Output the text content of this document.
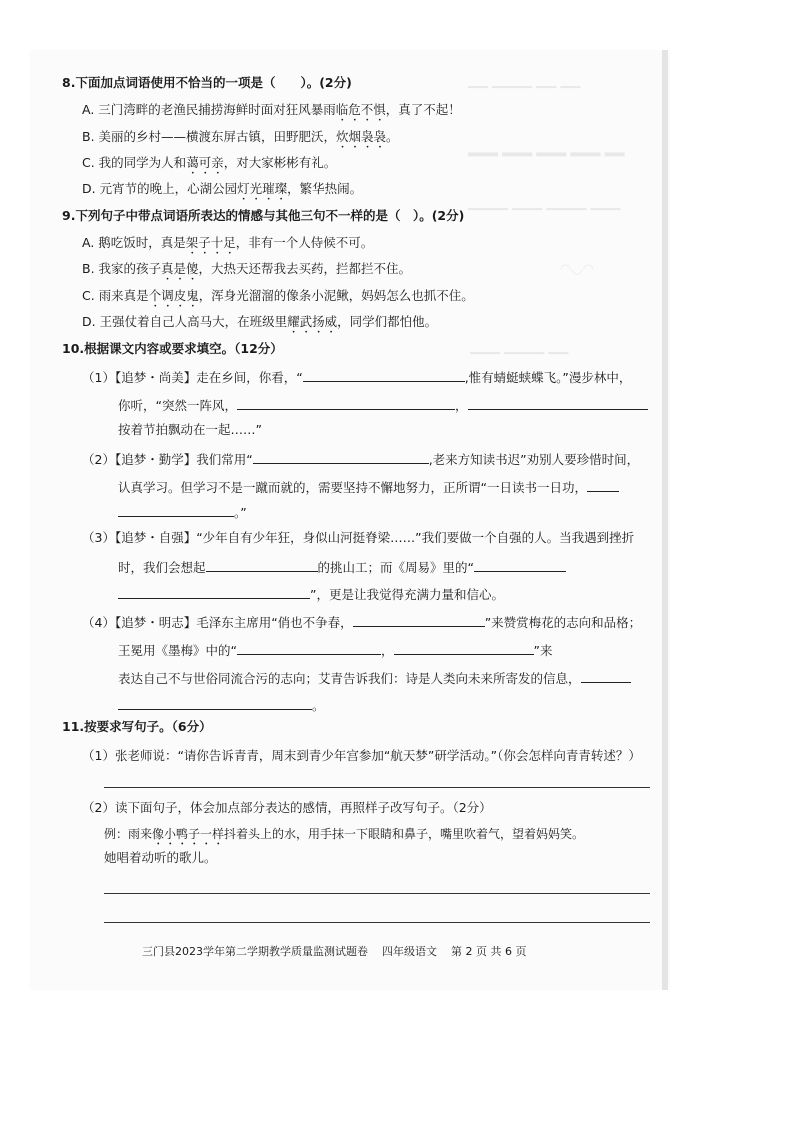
▁▁ ▁▁▁▁ ▁▁ ▁▁
▂▂▂ ▂▂▂ ▂▂▂ ▂▂▂ ▂▂
▁▁▁▁ ▁▁▁ ▁▁▁▁ ▁▁▁
◠◡◠
▁▁▁ ▁▁▁▁ ▁▁
8.下面加点词语使用不恰当的一项是（　　）。(2分)
A. 三门湾畔的老渔民捕捞海鲜时面对狂风暴雨临危不惧，真了不起！
B. 美丽的乡村——横渡东屏古镇，田野肥沃，炊烟袅袅。
C. 我的同学为人和蔼可亲，对大家彬彬有礼。
D. 元宵节的晚上，心湖公园灯光璀璨，繁华热闹。
9.下列句子中带点词语所表达的情感与其他三句不一样的是（　）。(2分)
A. 鹅吃饭时，真是架子十足，非有一个人侍候不可。
B. 我家的孩子真是傻，大热天还帮我去买药，拦都拦不住。
C. 雨来真是个调皮鬼，浑身光溜溜的像条小泥鳅，妈妈怎么也抓不住。
D. 王强仗着自己人高马大，在班级里耀武扬威，同学们都怕他。
10.根据课文内容或要求填空。（12分）
（1）【追梦・尚美】走在乡间，你看，“	,惟有蜻蜓蛱蝶飞。”漫步林中，
你听，“突然一阵风，	，
按着节拍飘动在一起……”
（2）【追梦・勤学】我们常用“	,老来方知读书迟”劝别人要珍惜时间，
认真学习。但学习不是一蹴而就的，需要坚持不懈地努力，正所谓“一日读书一日功，
。”
（3）【追梦・自强】“少年自有少年狂，身似山河挺脊梁……”我们要做一个自强的人。当我遇到挫折
时，我们会想起	的挑山工；而《周易》里的“
”，更是让我觉得充满力量和信心。
（4）【追梦・明志】毛泽东主席用“俏也不争春，	”来赞赏梅花的志向和品格；
王冕用《墨梅》中的“	，	”来
表达自己不与世俗同流合污的志向；艾青告诉我们：诗是人类向未来所寄发的信息，
。
11.按要求写句子。（6分）
（1）张老师说：“请你告诉青青，周末到青少年宫参加“航天梦”研学活动。”（你会怎样向青青转述？）
（2）读下面句子，体会加点部分表达的感情，再照样子改写句子。（2分）
例：雨来像小鸭子一样抖着头上的水，用手抹一下眼睛和鼻子，嘴里吹着气，望着妈妈笑。
她唱着动听的歌儿。
三门县2023学年第二学期教学质量监测试题卷 四年级语文 第 2 页 共 6 页
